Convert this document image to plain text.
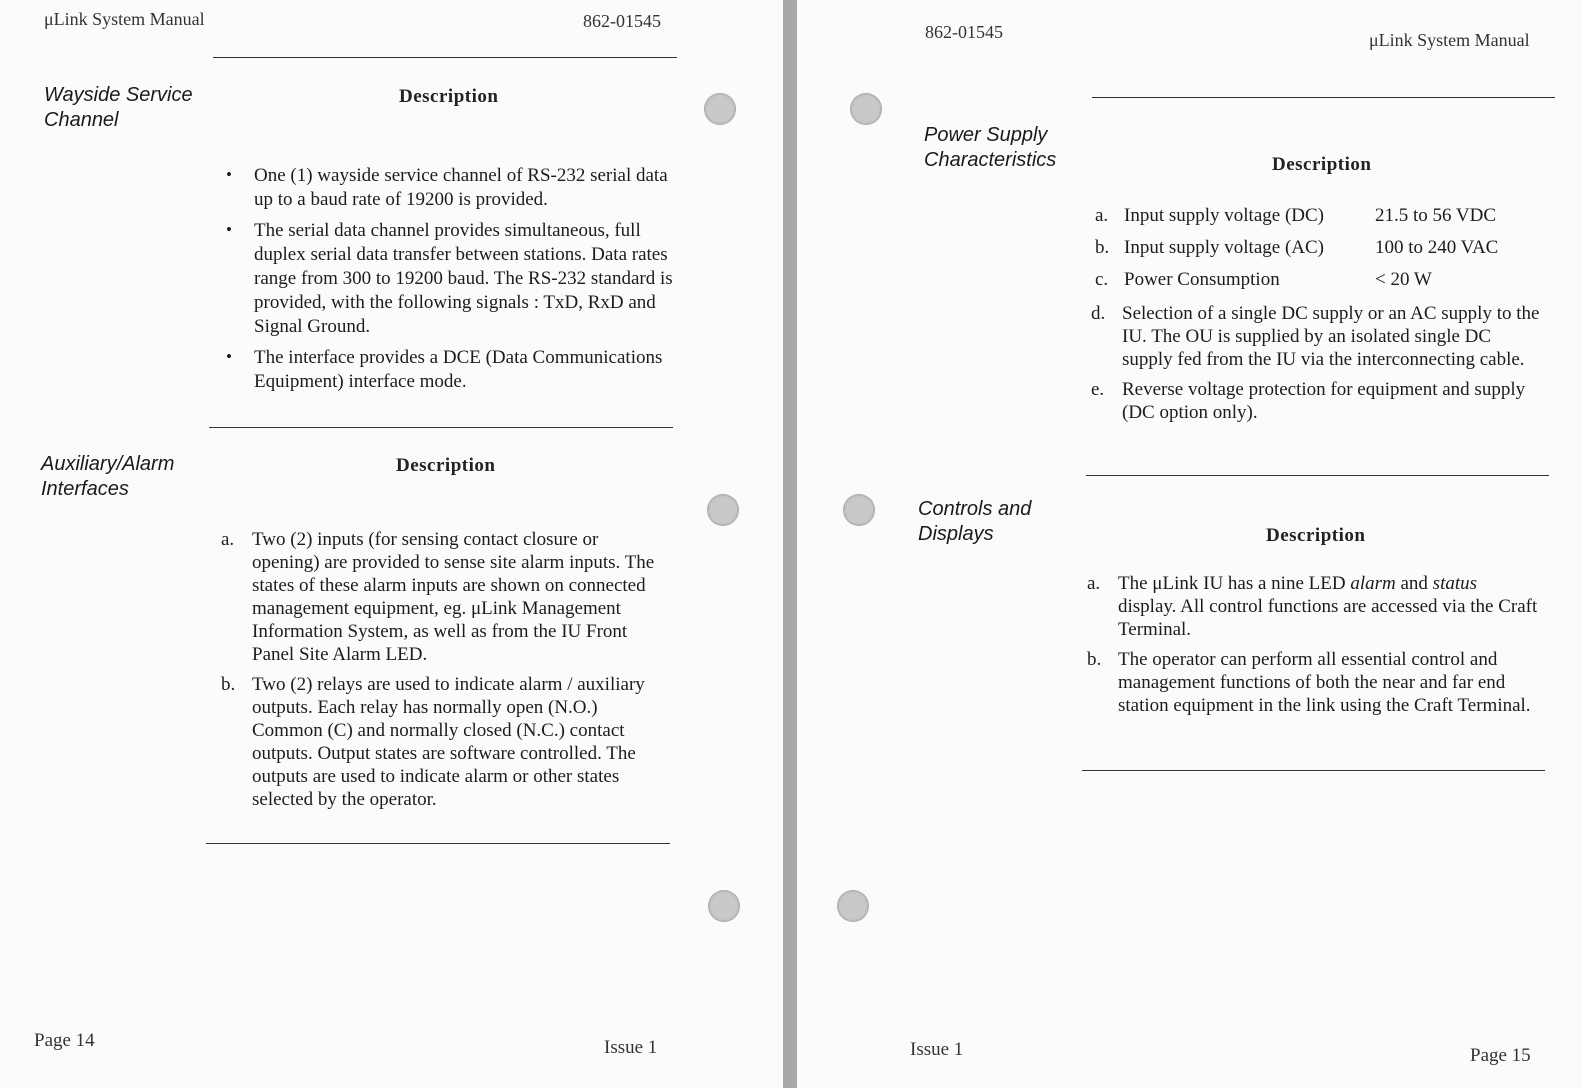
μLink System Manual	862-01545
Wayside Service
Channel
Description

• One (1) wayside service channel of RS-232 serial data up to a baud rate of 19200 is provided.

• The serial data channel provides simultaneous, full duplex serial data transfer between stations. Data rates range from 300 to 19200 baud. The RS-232 standard is provided, with the following signals : TxD, RxD and Signal Ground.

• The interface provides a DCE (Data Communications Equipment) interface mode.

Auxiliary/Alarm
Interfaces
Description

a. Two (2) inputs (for sensing contact closure or opening) are provided to sense site alarm inputs. The states of these alarm inputs are shown on connected management equipment, eg. μLink Management Information System, as well as from the IU Front Panel Site Alarm LED.

b. Two (2) relays are used to indicate alarm / auxiliary outputs. Each relay has normally open (N.O.) Common (C) and normally closed (N.C.) contact outputs. Output states are software controlled. The outputs are used to indicate alarm or other states selected by the operator.

Page 14	Issue 1
862-01545	μLink System Manual
Power Supply
Characteristics	Description
a. Input supply voltage (DC)	21.5 to 56 VDC
b. Input supply voltage (AC)	100 to 240 VAC
c. Power Consumption	< 20 W

d. Selection of a single DC supply or an AC supply to the IU. The OU is supplied by an isolated single DC supply fed from the IU via the interconnecting cable.

e. Reverse voltage protection for equipment and supply (DC option only).

Controls and
Displays	Description

a. The μLink IU has a nine LED alarm and status display. All control functions are accessed via the Craft Terminal.

b. The operator can perform all essential control and management functions of both the near and far end station equipment in the link using the Craft Terminal.

Issue 1	Page 15
